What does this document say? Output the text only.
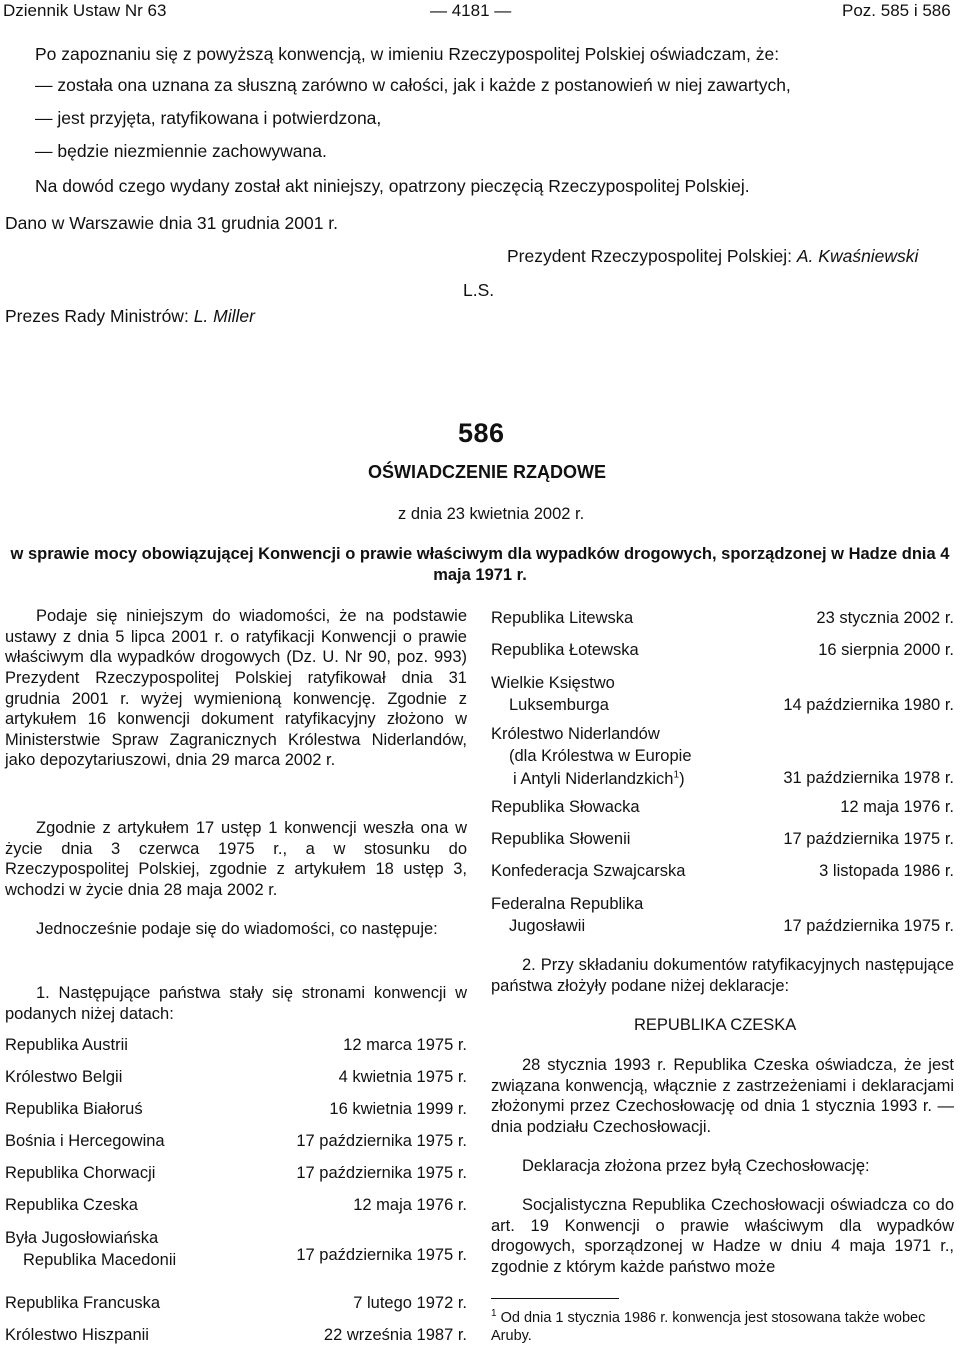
Dziennik Ustaw Nr 63	— 4181 —	Poz. 585 i 586
Po zapoznaniu się z powyższą konwencją, w imieniu Rzeczypospolitej Polskiej oświadczam, że:
— została ona uznana za słuszną zarówno w całości, jak i każde z postanowień w niej zawartych,
— jest przyjęta, ratyfikowana i potwierdzona,
— będzie niezmiennie zachowywana.
Na dowód czego wydany został akt niniejszy, opatrzony pieczęcią Rzeczypospolitej Polskiej.
Dano w Warszawie dnia 31 grudnia 2001 r.
Prezydent Rzeczypospolitej Polskiej: A. Kwaśniewski
L.S.
Prezes Rady Ministrów: L. Miller
586
OŚWIADCZENIE RZĄDOWE
z dnia 23 kwietnia 2002 r.
w sprawie mocy obowiązującej Konwencji o prawie właściwym dla wypadków drogowych, sporządzonej w Hadze dnia 4 maja 1971 r.

Podaje się niniejszym do wiadomości, że na podstawie ustawy z dnia 5 lipca 2001 r. o ratyfikacji Konwencji o prawie właściwym dla wypadków drogowych (Dz. U. Nr 90, poz. 993) Prezydent Rzeczypospolitej Polskiej ratyfikował dnia 31 grudnia 2001 r. wyżej wymienioną konwencję. Zgodnie z artykułem 16 konwencji dokument ratyfikacyjny złożono w Ministerstwie Spraw Zagranicznych Królestwa Niderlandów, jako depozytariuszowi, dnia 29 marca 2002 r.

Zgodnie z artykułem 17 ustęp 1 konwencji weszła ona w życie dnia 3 czerwca 1975 r., a w stosunku do Rzeczypospolitej Polskiej, zgodnie z artykułem 18 ustęp 3, wchodzi w życie dnia 28 maja 2002 r.

Jednocześnie podaje się do wiadomości, co następuje:

1. Następujące państwa stały się stronami konwencji w podanych niżej datach:

Republika Austrii	12 marca 1975 r.
Królestwo Belgii	4 kwietnia 1975 r.
Republika Białoruś	16 kwietnia 1999 r.
Bośnia i Hercegowina	17 października 1975 r.
Republika Chorwacji	17 października 1975 r.
Republika Czeska	12 maja 1976 r.
Była Jugosłowiańska
Republika Macedonii	17 października 1975 r.
Republika Francuska	7 lutego 1972 r.
Królestwo Hiszpanii	22 września 1987 r.
Republika Litewska	23 stycznia 2002 r.
Republika Łotewska	16 sierpnia 2000 r.
Wielkie Księstwo
Luksemburga	14 października 1980 r.
Królestwo Niderlandów
(dla Królestwa w Europie
i Antyli Niderlandzkich$^1$)	31 października 1978 r.
Republika Słowacka	12 maja 1976 r.
Republika Słowenii	17 października 1975 r.
Konfederacja Szwajcarska	3 listopada 1986 r.
Federalna Republika
Jugosławii	17 października 1975 r.

2. Przy składaniu dokumentów ratyfikacyjnych następujące państwa złożyły podane niżej deklaracje:

REPUBLIKA CZESKA

28 stycznia 1993 r. Republika Czeska oświadcza, że jest związana konwencją, włącznie z zastrzeżeniami i deklaracjami złożonymi przez Czechosłowację od dnia 1 stycznia 1993 r. — dnia podziału Czechosłowacji.

Deklaracja złożona przez byłą Czechosłowację:

Socjalistyczna Republika Czechosłowacji oświadcza co do art. 19 Konwencji o prawie właściwym dla wypadków drogowych, sporządzonej w Hadze w dniu 4 maja 1971 r., zgodnie z którym każde państwo może

$^1$ Od dnia 1 stycznia 1986 r. konwencja jest stosowana także wobec Aruby.
